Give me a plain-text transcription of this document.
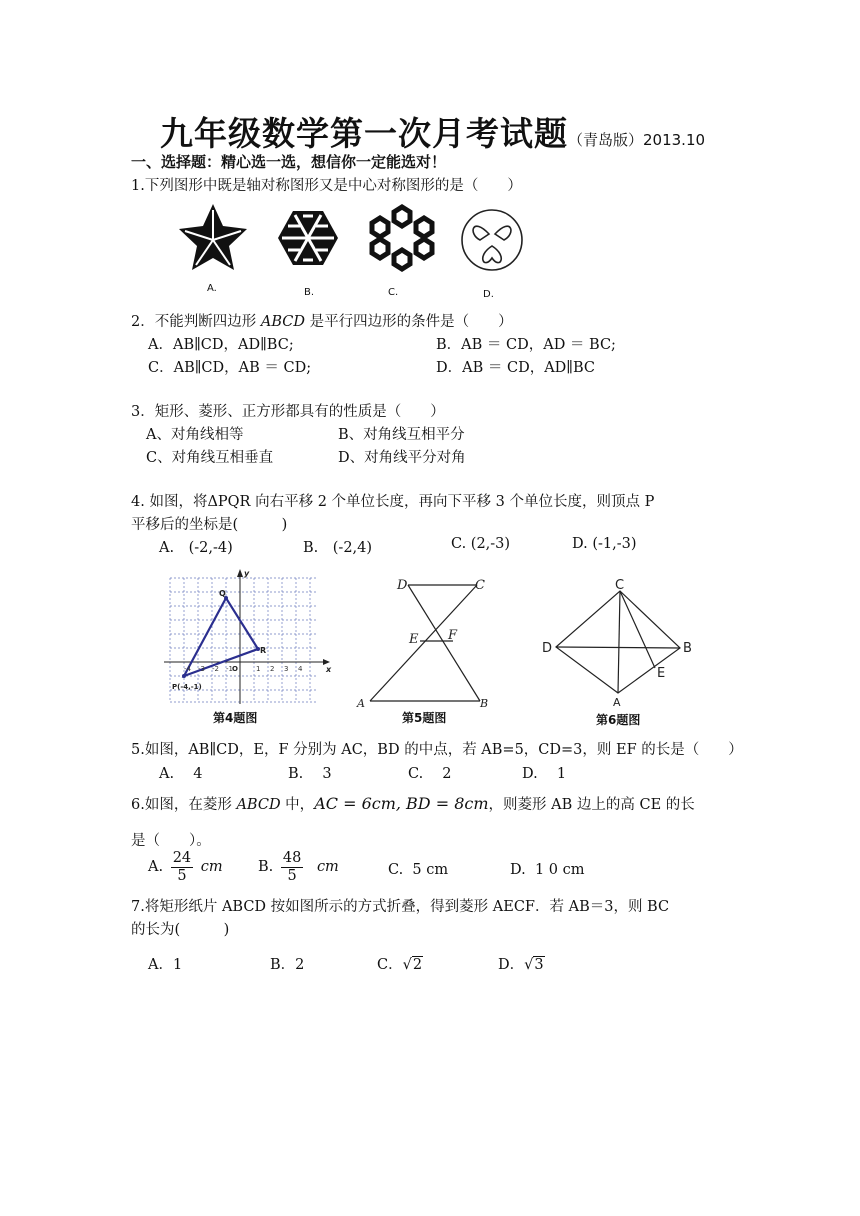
九年级数学第一次月考试题（青岛版）2013.10
一、选择题：精心选一选，想信你一定能选对！
1.下列图形中既是轴对称图形又是中心对称图形的是（　　）
A.	B.	C.	D.
2．不能判断四边形 ABCD 是平行四边形的条件是（　　）
A．AB∥CD，AD∥BC;	B．AB ＝ CD，AD ＝ BC;
C．AB∥CD，AB ＝ CD;	D．AB ＝ CD，AD∥BC
3．矩形、菱形、正方形都具有的性质是（　　）
A、对角线相等	B、对角线互相平分
C、对角线互相垂直	D、对角线平分对角
4. 如图，将ΔPQR 向右平移 2 个单位长度，再向下平移 3 个单位长度，则顶点 P
平移后的坐标是(　　　)
A.　(-2,-4)	B.　(-2,4)	C. (2,-3)	D. (-1,-3)
-4 -3 -2 -1	1 2 3 4
Q
R
P(-4,-1)
x
y
O
第4题图
D	C
E F
A	B
第5题图
C
D	B
E
A
第6题图
5.如图，AB∥CD，E，F 分别为 AC，BD 的中点，若 AB=5，CD=3，则 EF 的长是（　　）
A.　 4	B.　 3	C.　 2	D.　 1
6.如图，在菱形 ABCD 中，AC = 6cm, BD = 8cm，则菱形 AB 边上的高 CE 的长
是（　　）。
A. $\frac{24}{5}$ cm B. $\frac{48}{5}$ cm	C. 5 cm	D. 1 0 cm
7.将矩形纸片 ABCD 按如图所示的方式折叠，得到菱形 AECF．若 AB＝3，则 BC
的长为(　　　)
A．1	B．2	C．√2	D．√3
